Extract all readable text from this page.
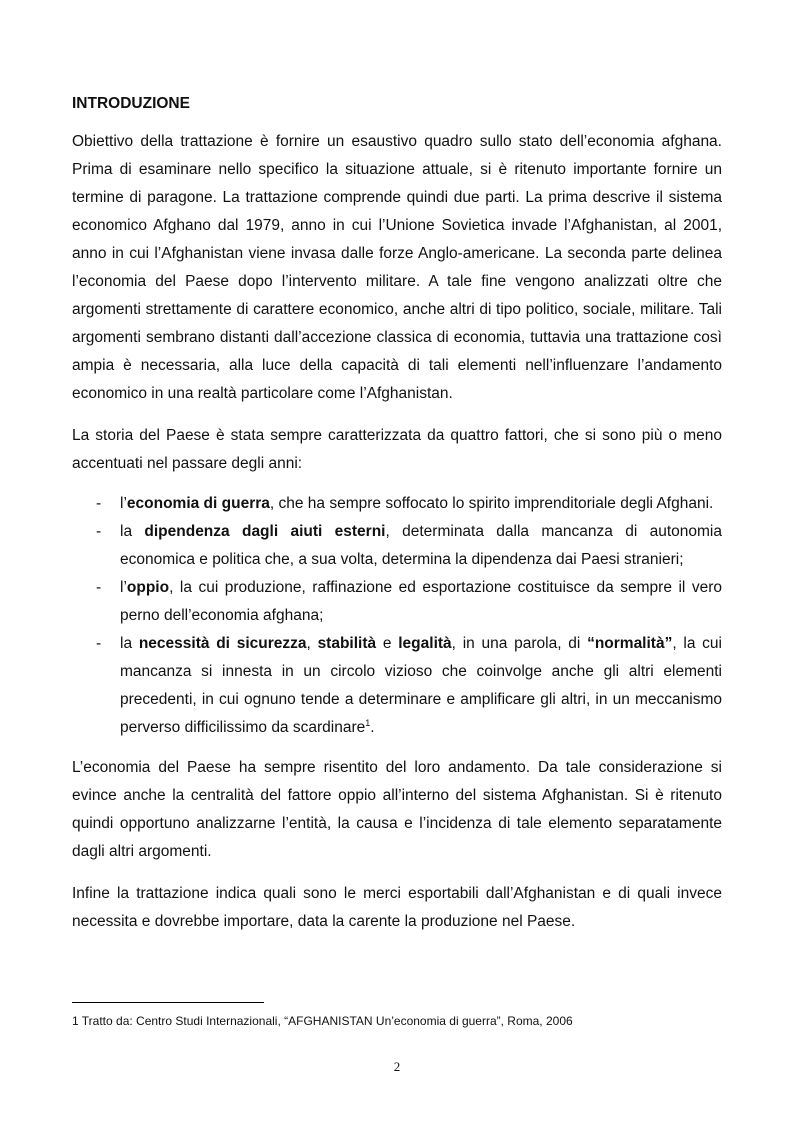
INTRODUZIONE

Obiettivo della trattazione è fornire un esaustivo quadro sullo stato dell’economia afghana. Prima di esaminare nello specifico la situazione attuale, si è ritenuto importante fornire un termine di paragone. La trattazione comprende quindi due parti. La prima descrive il sistema economico Afghano dal 1979, anno in cui l’Unione Sovietica invade l’Afghanistan, al 2001, anno in cui l’Afghanistan viene invasa dalle forze Anglo-americane. La seconda parte delinea l’economia del Paese dopo l’intervento militare. A tale fine vengono analizzati oltre che argomenti strettamente di carattere economico, anche altri di tipo politico, sociale, militare. Tali argomenti sembrano distanti dall’accezione classica di economia, tuttavia una trattazione così ampia è necessaria, alla luce della capacità di tali elementi nell’influenzare l’andamento economico in una realtà particolare come l’Afghanistan.

La storia del Paese è stata sempre caratterizzata da quattro fattori, che si sono più o meno accentuati nel passare degli anni:

- l’economia di guerra, che ha sempre soffocato lo spirito imprenditoriale degli Afghani.
- la dipendenza dagli aiuti esterni, determinata dalla mancanza di autonomia economica e politica che, a sua volta, determina la dipendenza dai Paesi stranieri;
- l’oppio, la cui produzione, raffinazione ed esportazione costituisce da sempre il vero perno dell’economia afghana;
- la necessità di sicurezza, stabilità e legalità, in una parola, di “normalità”, la cui mancanza si innesta in un circolo vizioso che coinvolge anche gli altri elementi precedenti, in cui ognuno tende a determinare e amplificare gli altri, in un meccanismo perverso difficilissimo da scardinare$^1$.

L’economia del Paese ha sempre risentito del loro andamento. Da tale considerazione si evince anche la centralità del fattore oppio all’interno del sistema Afghanistan. Si è ritenuto quindi opportuno analizzarne l’entità, la causa e l’incidenza di tale elemento separatamente dagli altri argomenti.

Infine la trattazione indica quali sono le merci esportabili dall’Afghanistan e di quali invece necessita e dovrebbe importare, data la carente la produzione nel Paese.

1 Tratto da: Centro Studi Internazionali, “AFGHANISTAN Un’economia di guerra”, Roma, 2006
2
